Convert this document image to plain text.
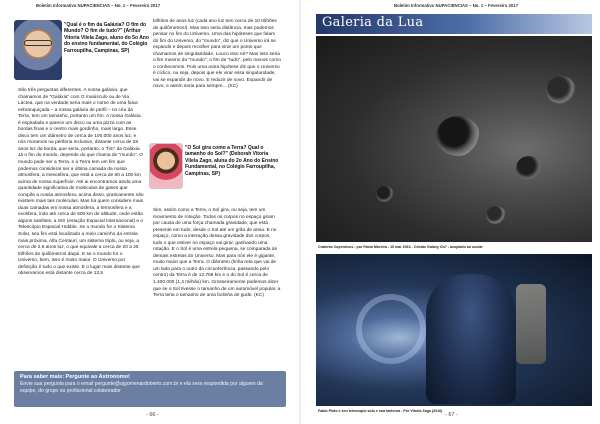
Boletim Informativo NUPACIENCIAS – No. 1 – Fevereiro 2017
"Qual é o fim da Galáxia? O fim do Mundo? O fim de tudo?" (Arthur Vitoria Vilela Zago, aluno do 5o Ano do ensino fundamental, do Colégio Farroupilha, Campinas, SP)
São três perguntas diferentes. A nossa galáxia, que chamamos de "Galáxia" com G maiúsculo ou de Via Láctea, que na verdade seria mais o nome de uma faixa esbranquiçada – a nossa galáxia de perfil – no céu da Terra, tem um tamanho, portanto um fim. A nossa Galáxia é espiralada e parece um disco ou uma pizza com as bordas finas e o centro mais gordinho, mais largo. Esse disco tem um diâmetro de cerca de 100.000 anos luz, e nós moramos na periferia inclusive, distante cerca de 28 anos luz da borda, que seria, portanto, o "fim" da Galáxia. Já o fim do mundo, depende do que chama de "mundo". O mundo pode ser a Terra, e a Terra tem um fim que podemos considerar ser a última camada da nossa atmosfera, a mesosfera, que está a cerca de 80 a 100 km acima de nossa superfície. Até ai encontramos ainda uma quantidade significativa de moléculas de gases que compõe a nossa atmosfera, acima disso, praticamente não existem mais tais moléculas. Mas há quem considere mais duas camadas em nossa atmosfera, a termosfera e a exosfera, indo até cerca de 500 km de altitude, onde estão alguns satélites, a ISS (estação Espacial Internacional) e o Telescópio Espacial Hubble. Se o mundo for o Sistema Solar, seu fim está localizado a meio caminho da estrela mais próxima, Alfa Centauri, um sistema triplo, ou seja, a cerca de 2,5 anos luz, o que equivale a cerca de 20 a 25 trilhões de quilômetros daqui. E se o mundo for o Universo, bem, isso é muito maior. O Universo por definição é tudo o que existe. E o lugar mais distante que observamos está distante cerca de 13,5
bilhões de anos luz (cada ano luz tem cerca de 10 trilhões de quilômetros!). Mas isso seria distância, mas podemos pensar no fim do Universo. Uma das hipóteses que falam do fim do Universo, do "mundo", diz que o Universo irá se expandir e depois recolher para virar um ponto que chamamos de singularidade. Louco isso né? Mas isso seria o fim mesmo do "mundo", o fim de "tudo", pelo menos como o conhecemos. Pois uma outra hipótese diz que o Universo é cíclico, ou seja, depois que ele virar essa singularidade, vai se expandir de novo. E reduzir de novo. Expandir de novo, e assim seria para sempre... (KC)
"O Sol gira como a Terra? Qual o tamanho do Sol?" (Deborah Vitoria Vilela Zago, aluna do 2o Ano do Ensino Fundamental, no Colégio Farroupilha, Campinas, SP)
Sim, assim como a Terra, o Sol gira, ou seja, tem um movimento de rotação. Todos os corpos no espaço giram por causa de uma força chamada gravidade, que está presente em tudo, desde o Sol até um grão de areia. E no espaço, como a interação dessa gravidade dos corpos, tudo o que estiver no espaço vai girar, ganhando uma rotação. E o Sol é uma estrela pequena, se comparada às demais estrelas do Universo. Mas para nós ele é gigante, muito maior que a Terra. O diâmetro (linha reta que vai de um lado para o outro da circunferência, passando pelo centro) da Terra é de 12.756 km e o do Sol é cerca de 1.400.000 (1,4 milhão) km. Grosseiramente podemos dizer que se o Sol tivesse o tamanho de um automóvel popular, a Terra teria o tamanho de uma bolinha de gude. (KC)
Para saber mais: Pergunte ao Astronomo!
Envie sua pergunta para o email pergunte@ajgomenardoberto.com.br e ela sera respondida por alguem da equipe, do grupo ou profissional colaborador
- 66 -
Boletim Informativo NUPACIENCIAS – No. 1 – Fevereiro 2017
Galeria da Lua
Crateras Copernicus - por Fabio Moreira - 10 mar 2016 - Celular Galaxy On7 - acoplado ao ocular
Fabio Pinto e seu telescopio solo e sua lanterna - Por Vitoria Zago (2016)
- 67 -
